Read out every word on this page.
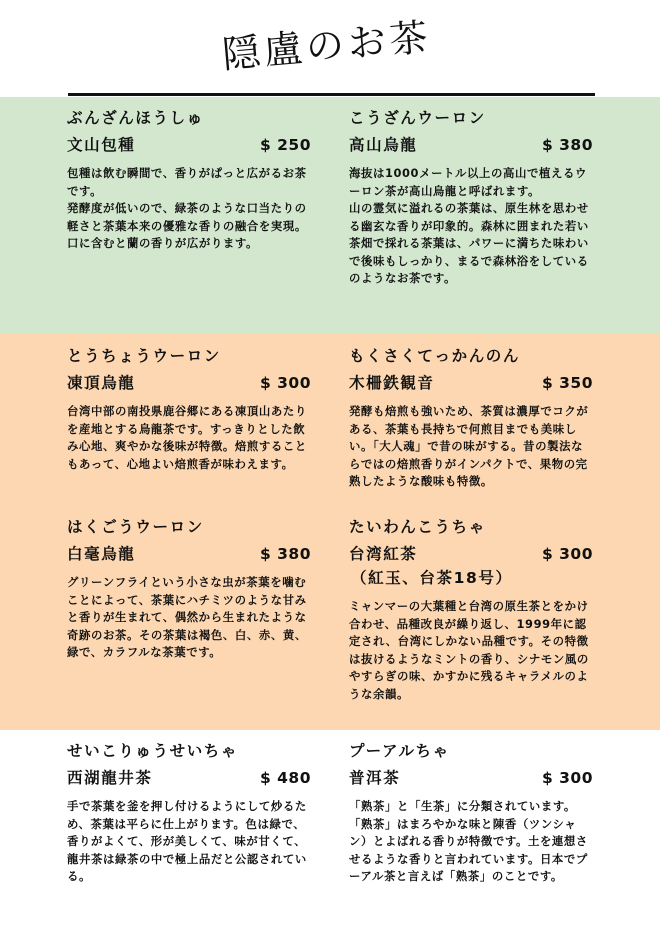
隠盧のお茶
ぶんざんほうしゅ
文山包種	$ 250

包種は飲む瞬間で、香りがぱっと広がるお茶です。

発酵度が低いので、緑茶のような口当たりの軽さと茶葉本来の優雅な香りの融合を実現。口に含むと蘭の香りが広がります。

こうざんウーロン
高山烏龍	$ 380

海抜は1000メートル以上の高山で植えるウーロン茶が高山烏龍と呼ばれます。

山の霊気に溢れるの茶葉は、原生林を思わせる幽玄な香りが印象的。森林に囲まれた若い茶畑で採れる茶葉は、パワーに満ちた味わいで後味もしっかり、まるで森林浴をしているのようなお茶です。

とうちょうウーロン
凍頂烏龍	$ 300

台湾中部の南投県鹿谷郷にある凍頂山あたりを産地とする烏龍茶です。すっきりとした飲み心地、爽やかな後味が特徴。焙煎することもあって、心地よい焙煎香が味わえます。

もくさくてっかんのん
木柵鉄観音	$ 350

発酵も焙煎も強いため、茶質は濃厚でコクがある、茶葉も長持ちで何煎目までも美味しい。「大人魂」で昔の味がする。昔の製法ならではの焙煎香りがインパクトで、果物の完熟したような酸味も特徴。

はくごうウーロン
白毫烏龍	$ 380

グリーンフライという小さな虫が茶葉を噛むことによって、茶葉にハチミツのような甘みと香りが生まれて、偶然から生まれたような奇跡のお茶。その茶葉は褐色、白、赤、黄、緑で、カラフルな茶葉です。

たいわんこうちゃ
台湾紅茶	$ 300
（紅玉、台茶18号）

ミャンマーの大葉種と台湾の原生茶とをかけ合わせ、品種改良が繰り返し、1999年に認定され、台湾にしかない品種です。その特徴は抜けるようなミントの香り、シナモン風のやすらぎの味、かすかに残るキャラメルのような余韻。

せいこりゅうせいちゃ
西湖龍井茶	$ 480

手で茶葉を釜を押し付けるようにして炒るため、茶葉は平らに仕上がります。色は緑で、香りがよくて、形が美しくて、味が甘くて、龍井茶は緑茶の中で極上品だと公認されている。

プーアルちゃ
普洱茶	$ 300

「熟茶」と「生茶」に分類されています。

「熟茶」はまろやかな味と陳香（ツンシャン）とよばれる香りが特徴です。土を連想させるような香りと言われています。日本でプーアル茶と言えば「熟茶」のことです。
